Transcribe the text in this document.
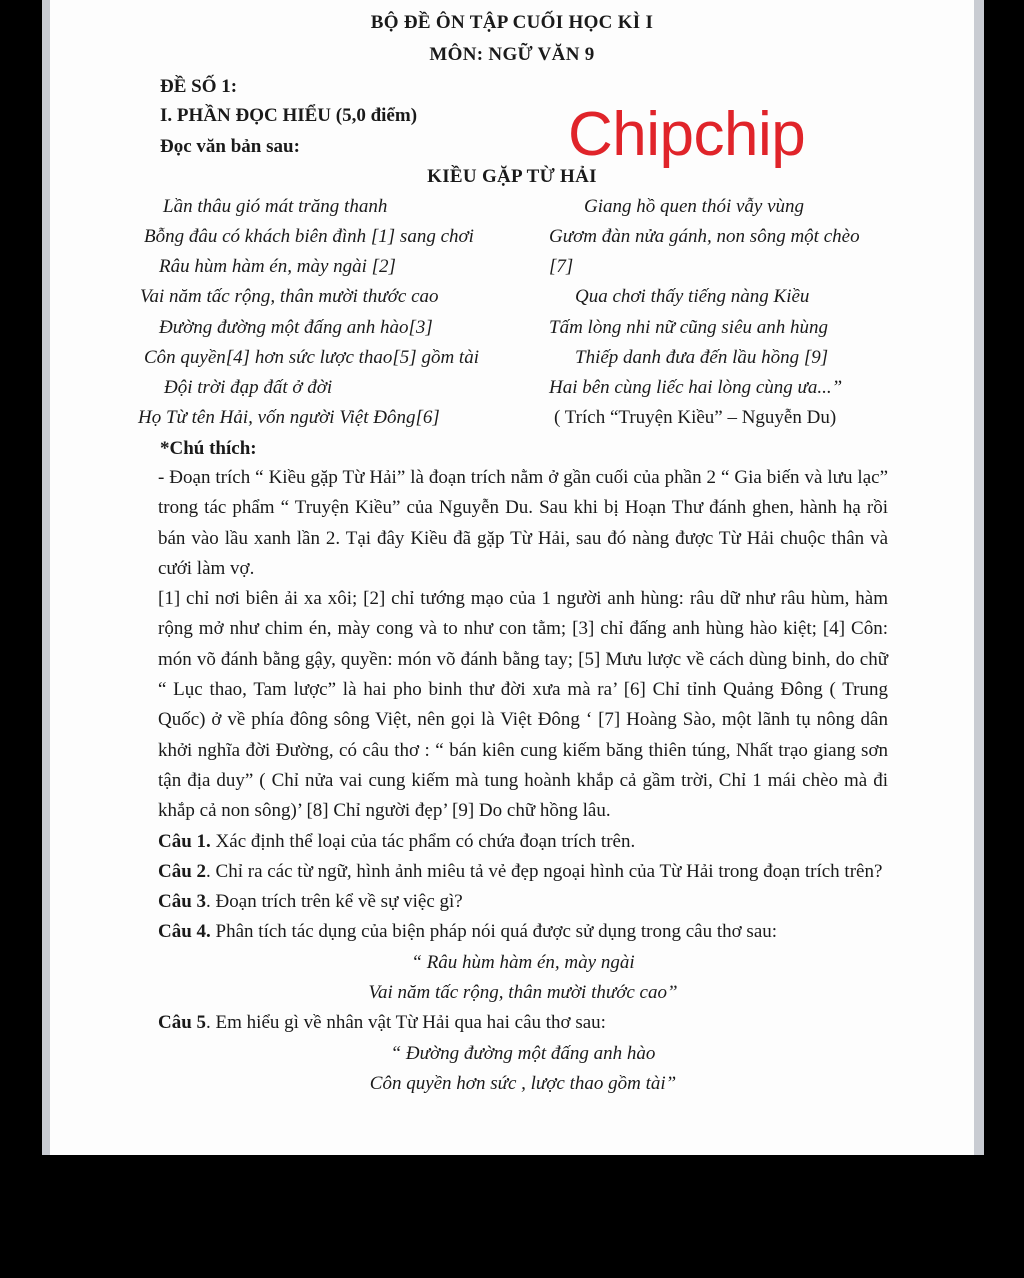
BỘ ĐỀ ÔN TẬP CUỐI HỌC KÌ I
MÔN: NGỮ VĂN 9
ĐỀ SỐ 1:
I. PHẦN ĐỌC HIỂU (5,0 điểm)
Đọc văn bản sau:	Chipchip
KIỀU GẶP TỪ HẢI
Lần thâu gió mát trăng thanh
Bỗng đâu có khách biên đình [1] sang chơi
Râu hùm hàm én, mày ngài [2]
Vai năm tấc rộng, thân mười thước cao
Đường đường một đấng anh hào[3]
Côn quyền[4] hơn sức lược thao[5] gồm tài
Đội trời đạp đất ở đời
Họ Từ tên Hải, vốn người Việt Đông[6]
Giang hồ quen thói vẫy vùng
Gươm đàn nửa gánh, non sông một chèo
[7]
Qua chơi thấy tiếng nàng Kiều
Tấm lòng nhi nữ cũng siêu anh hùng
Thiếp danh đưa đến lầu hồng [9]
Hai bên cùng liếc hai lòng cùng ưa...”
( Trích “Truyện Kiều” – Nguyễn Du)
*Chú thích:

- Đoạn trích “ Kiều gặp Từ Hải” là đoạn trích nằm ở gần cuối của phần 2 “ Gia biến và lưu lạc” trong tác phẩm “ Truyện Kiều” của Nguyễn Du. Sau khi bị Hoạn Thư đánh ghen, hành hạ rồi bán vào lầu xanh lần 2. Tại đây Kiều đã gặp Từ Hải, sau đó nàng được Từ Hải chuộc thân và cưới làm vợ.

[1] chỉ nơi biên ải xa xôi; [2] chỉ tướng mạo của 1 người anh hùng: râu dữ như râu hùm, hàm rộng mở như chim én, mày cong và to như con tằm; [3] chỉ đấng anh hùng hào kiệt; [4] Côn: món võ đánh bằng gậy, quyền: món võ đánh bằng tay; [5] Mưu lược về cách dùng binh, do chữ “ Lục thao, Tam lược” là hai pho binh thư đời xưa mà ra’ [6] Chỉ tỉnh Quảng Đông ( Trung Quốc) ở về phía đông sông Việt, nên gọi là Việt Đông ‘ [7] Hoàng Sào, một lãnh tụ nông dân khởi nghĩa đời Đường, có câu thơ : “ bán kiên cung kiếm băng thiên túng, Nhất trạo giang sơn tận địa duy” ( Chỉ nửa vai cung kiếm mà tung hoành khắp cả gầm trời, Chỉ 1 mái chèo mà đi khắp cả non sông)’ [8] Chỉ người đẹp’ [9] Do chữ hồng lâu.

Câu 1. Xác định thể loại của tác phẩm có chứa đoạn trích trên.

Câu 2. Chỉ ra các từ ngữ, hình ảnh miêu tả vẻ đẹp ngoại hình của Từ Hải trong đoạn trích trên?

Câu 3. Đoạn trích trên kể về sự việc gì?

Câu 4. Phân tích tác dụng của biện pháp nói quá được sử dụng trong câu thơ sau:

“ Râu hùm hàm én, mày ngài

Vai năm tấc rộng, thân mười thước cao”

Câu 5. Em hiểu gì về nhân vật Từ Hải qua hai câu thơ sau:

“ Đường đường một đấng anh hào

Côn quyền hơn sức , lược thao gồm tài”
